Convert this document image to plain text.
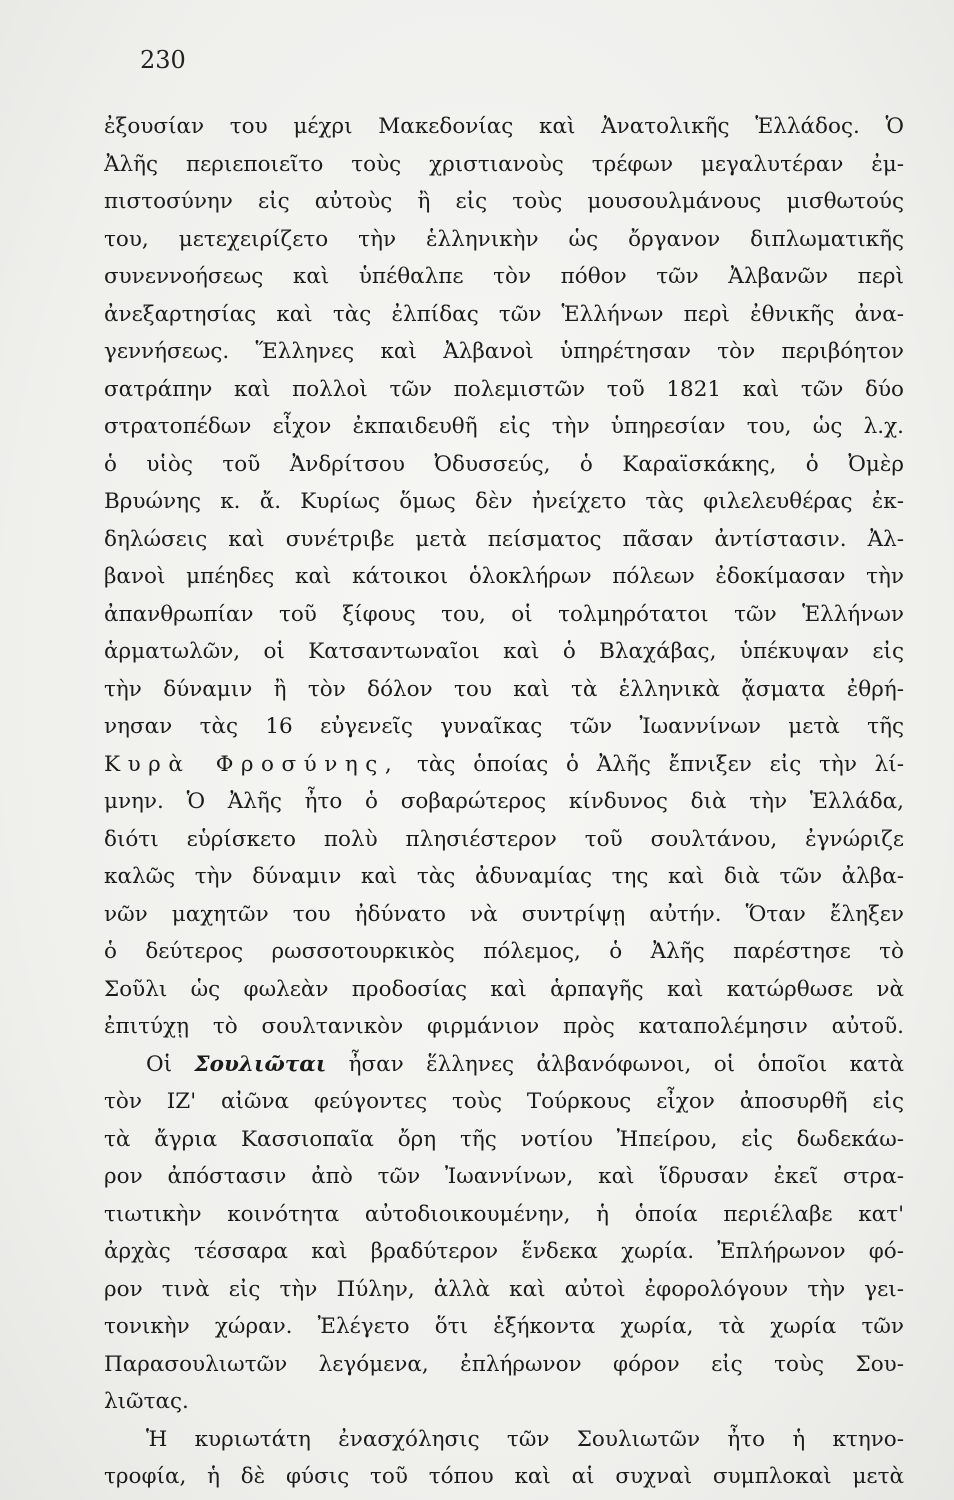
230
ἐξουσίαν του μέχρι Μακεδονίας καὶ Ἀνατολικῆς Ἑλλάδος. Ὁ
Ἀλῆς περιεποιεῖτο τοὺς χριστιανοὺς τρέφων μεγαλυτέραν ἐμ-
πιστοσύνην εἰς αὐτοὺς ἢ εἰς τοὺς μουσουλμάνους μισθωτούς
του, μετεχειρίζετο τὴν ἑλληνικὴν ὡς ὄργανον διπλωματικῆς
συνεννοήσεως καὶ ὑπέθαλπε τὸν πόθον τῶν Ἀλβανῶν περὶ
ἀνεξαρτησίας καὶ τὰς ἐλπίδας τῶν Ἑλλήνων περὶ ἐθνικῆς ἀνα-
γεννήσεως. Ἕλληνες καὶ Ἀλβανοὶ ὑπηρέτησαν τὸν περιβόητον
σατράπην καὶ πολλοὶ τῶν πολεμιστῶν τοῦ 1821 καὶ τῶν δύο
στρατοπέδων εἶχον ἐκπαιδευθῆ εἰς τὴν ὑπηρεσίαν του, ὡς λ.χ.
ὁ υἱὸς τοῦ Ἀνδρίτσου Ὀδυσσεύς, ὁ Καραϊσκάκης, ὁ Ὀμὲρ
Βρυώνης κ. ἄ. Κυρίως ὅμως δὲν ἠνείχετο τὰς φιλελευθέρας ἐκ-
δηλώσεις καὶ συνέτριβε μετὰ πείσματος πᾶσαν ἀντίστασιν. Ἀλ-
βανοὶ μπέηδες καὶ κάτοικοι ὁλοκλήρων πόλεων ἐδοκίμασαν τὴν
ἀπανθρωπίαν τοῦ ξίφους του, οἱ τολμηρότατοι τῶν Ἑλλήνων
ἁρματωλῶν, οἱ Κατσαντωναῖοι καὶ ὁ Βλαχάβας, ὑπέκυψαν εἰς
τὴν δύναμιν ἢ τὸν δόλον του καὶ τὰ ἑλληνικὰ ᾄσματα ἐθρή-
νησαν τὰς 16 εὐγενεῖς γυναῖκας τῶν Ἰωαννίνων μετὰ τῆς
Κυρὰ Φροσύνης, τὰς ὁποίας ὁ Ἀλῆς ἔπνιξεν εἰς τὴν λί-
μνην. Ὁ Ἀλῆς ἦτο ὁ σοβαρώτερος κίνδυνος διὰ τὴν Ἑλλάδα,
διότι εὑρίσκετο πολὺ πλησιέστερον τοῦ σουλτάνου, ἐγνώριζε
καλῶς τὴν δύναμιν καὶ τὰς ἀδυναμίας της καὶ διὰ τῶν ἀλβα-
νῶν μαχητῶν του ἠδύνατο νὰ συντρίψῃ αὐτήν. Ὅταν ἔληξεν
ὁ δεύτερος ρωσσοτουρκικὸς πόλεμος, ὁ Ἀλῆς παρέστησε τὸ
Σοῦλι ὡς φωλεὰν προδοσίας καὶ ἁρπαγῆς καὶ κατώρθωσε νὰ
ἐπιτύχῃ τὸ σουλτανικὸν φιρμάνιον πρὸς καταπολέμησιν αὐτοῦ.
Οἱ Σουλιῶται ἦσαν ἕλληνες ἀλβανόφωνοι, οἱ ὁποῖοι κατὰ
τὸν ΙΖ' αἰῶνα φεύγοντες τοὺς Τούρκους εἶχον ἀποσυρθῆ εἰς
τὰ ἄγρια Κασσιοπαῖα ὄρη τῆς νοτίου Ἠπείρου, εἰς δωδεκάω-
ρον ἀπόστασιν ἀπὸ τῶν Ἰωαννίνων, καὶ ἵδρυσαν ἐκεῖ στρα-
τιωτικὴν κοινότητα αὐτοδιοικουμένην, ἡ ὁποία περιέλαβε κατ'
ἀρχὰς τέσσαρα καὶ βραδύτερον ἕνδεκα χωρία. Ἐπλήρωνον φό-
ρον τινὰ εἰς τὴν Πύλην, ἀλλὰ καὶ αὐτοὶ ἐφορολόγουν τὴν γει-
τονικὴν χώραν. Ἐλέγετο ὅτι ἑξήκοντα χωρία, τὰ χωρία τῶν
Παρασουλιωτῶν λεγόμενα, ἐπλήρωνον φόρον εἰς τοὺς Σου-
λιῶτας.
Ἡ κυριωτάτη ἐνασχόλησις τῶν Σουλιωτῶν ἦτο ἡ κτηνο-
τροφία, ἡ δὲ φύσις τοῦ τόπου καὶ αἱ συχναὶ συμπλοκαὶ μετὰ
